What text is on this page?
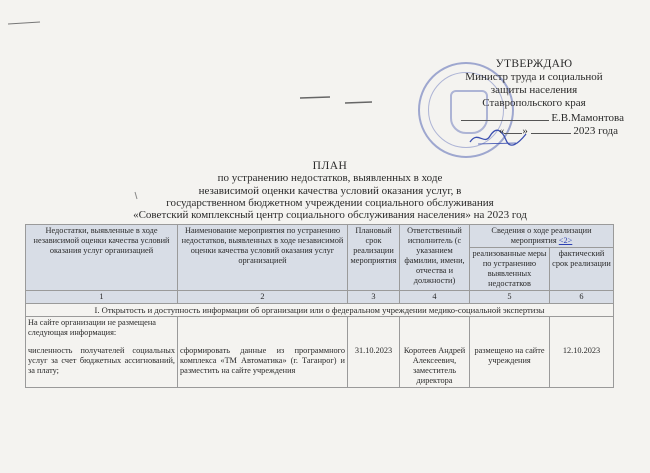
УТВЕРЖДАЮ
Министр труда и социальной
защиты населения
Ставропольского края
Е.В.Мамонтова
« »	2023 года
ПЛАН
по устранению недостатков, выявленных в ходе
независимой оценки качества условий оказания услуг, в
государственном бюджетном учреждении социального обслуживания
«Советский комплексный центр социального обслуживания населения» на 2023 год
Недостатки, выявленные в ходе независимой оценки качества условий оказания услуг организацией	Наименование мероприятия по устранению недостатков, выявленных в ходе независимой оценки качества условий оказания услуг организацией	Плановый срок реализации мероприятия	Ответственный исполнитель (с указанием фамилии, имени, отчества и должности)	Сведения о ходе реализации мероприятия <2>	
				реализованные меры по устранению выявленных недостатков	фактический срок реализации
1	2	3	4	5	6
I. Открытость и доступность информации об организации или о федеральном учреждении медико-социальной экспертизы					
На сайте организации не размещена следующая информация:					
численность получателей социальных услуг за счет бюджетных ассигнований, за плату;	сформировать данные из программного комплекса «ТМ Автоматика» (г. Таганрог) и разместить на сайте учреждения	31.10.2023	Коротеев Андрей Алексеевич, заместитель директора	размещено на сайте учреждения	12.10.2023
